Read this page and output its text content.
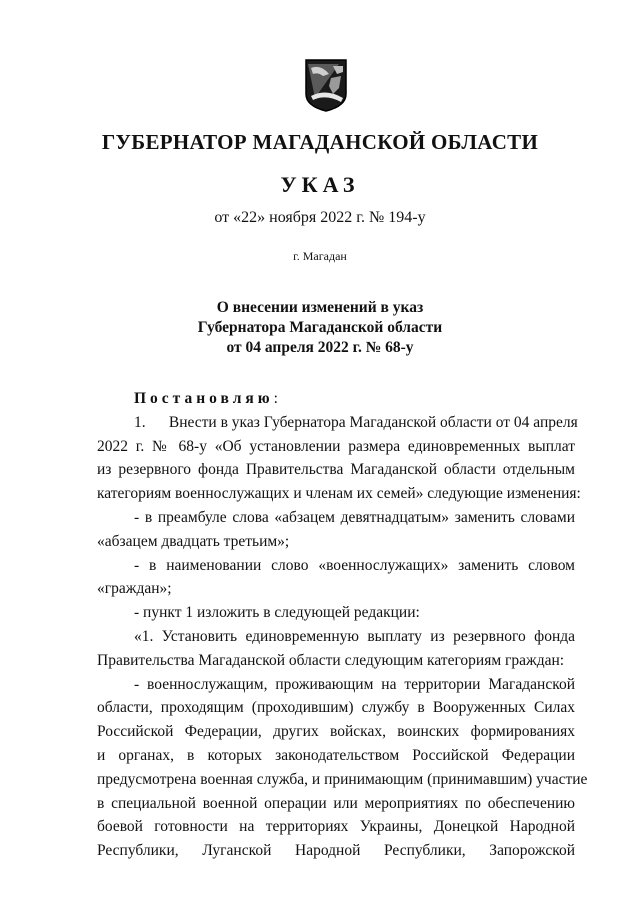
ГУБЕРНАТОР МАГАДАНСКОЙ ОБЛАСТИ
УКАЗ
от «22» ноября 2022 г. № 194-у
г. Магадан
О внесении изменений в указ
Губернатора Магаданской области
от 04 апреля 2022 г. № 68-у
Постановляю:
1.      Внести в указ Губернатора Магаданской области от 04 апреля
2022 г. № 68-у «Об установлении размера единовременных выплат
из резервного фонда Правительства Магаданской области отдельным
категориям военнослужащих и членам их семей» следующие изменения:
- в преамбуле слова «абзацем девятнадцатым» заменить словами
«абзацем двадцать третьим»;
- в наименовании слово «военнослужащих» заменить словом
«граждан»;
- пункт 1 изложить в следующей редакции:
«1. Установить единовременную выплату из резервного фонда
Правительства Магаданской области следующим категориям граждан:
- военнослужащим, проживающим на территории Магаданской
области, проходящим (проходившим) службу в Вооруженных Силах
Российской Федерации, других войсках, воинских формированиях
и органах, в которых законодательством Российской Федерации
предусмотрена военная служба, и принимающим (принимавшим) участие
в специальной военной операции или мероприятиях по обеспечению
боевой готовности на территориях Украины, Донецкой Народной
Республики, Луганской Народной Республики, Запорожской
